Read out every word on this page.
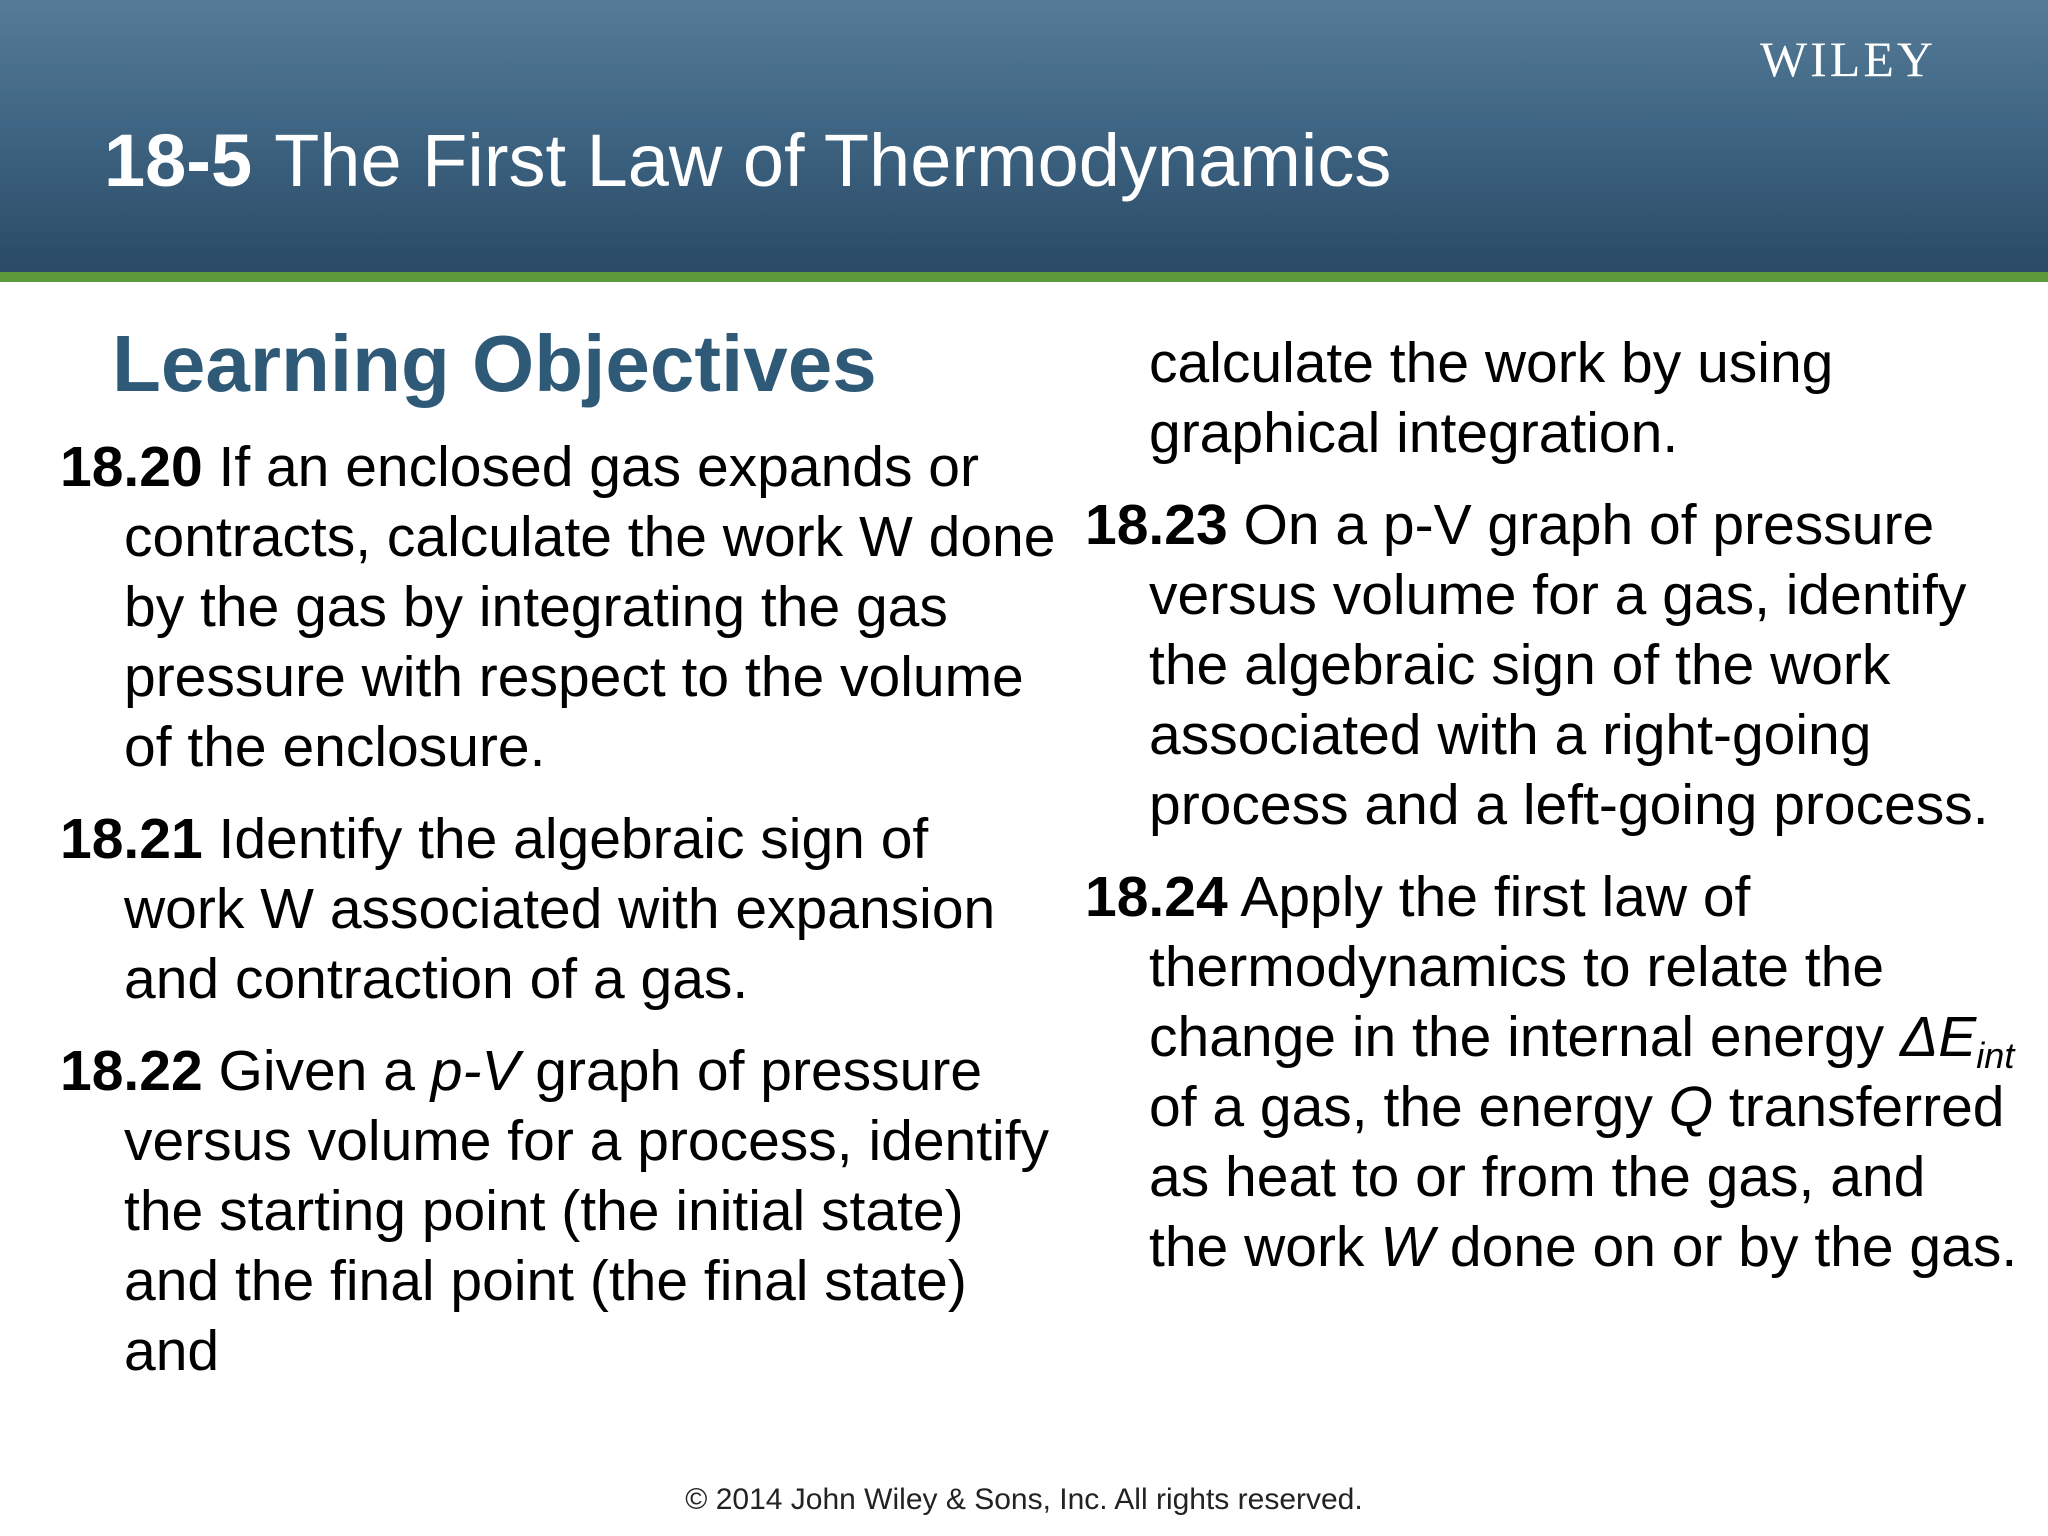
WILEY
18-5 The First Law of Thermodynamics
Learning Objectives

18.20 If an enclosed gas expands or contracts, calculate the work W done by the gas by integrating the gas pressure with respect to the volume of the enclosure.

18.21 Identify the algebraic sign of work W associated with expansion and contraction of a gas.

18.22 Given a p-V graph of pressure versus volume for a process, identify the starting point (the initial state) and the final point (the final state) and

calculate the work by using graphical integration.

18.23 On a p-V graph of pressure versus volume for a gas, identify the algebraic sign of the work associated with a right-going process and a left-going process.

18.24 Apply the first law of thermodynamics to relate the change in the internal energy $\Delta E_{int}$ of a gas, the energy Q transferred as heat to or from the gas, and the work W done on or by the gas.

© 2014 John Wiley & Sons, Inc. All rights reserved.
